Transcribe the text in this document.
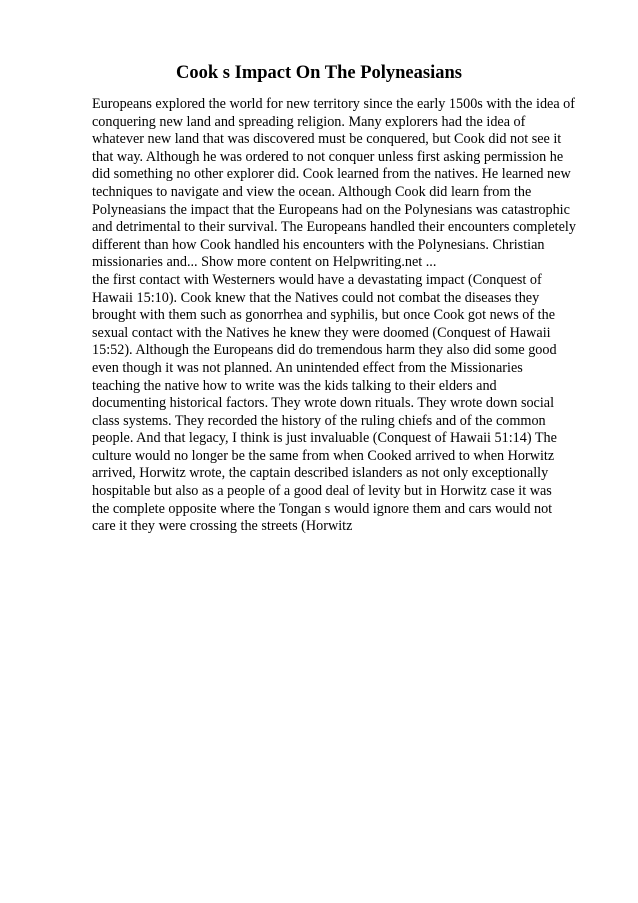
Cook s Impact On The Polyneasians
Europeans explored the world for new territory since the early 1500s with the idea of
conquering new land and spreading religion. Many explorers had the idea of
whatever new land that was discovered must be conquered, but Cook did not see it
that way. Although he was ordered to not conquer unless first asking permission he
did something no other explorer did. Cook learned from the natives. He learned new
techniques to navigate and view the ocean. Although Cook did learn from the
Polyneasians the impact that the Europeans had on the Polynesians was catastrophic
and detrimental to their survival. The Europeans handled their encounters completely
different than how Cook handled his encounters with the Polynesians. Christian
missionaries and... Show more content on Helpwriting.net ...
the first contact with Westerners would have a devastating impact (Conquest of
Hawaii 15:10). Cook knew that the Natives could not combat the diseases they
brought with them such as gonorrhea and syphilis, but once Cook got news of the
sexual contact with the Natives he knew they were doomed (Conquest of Hawaii
15:52). Although the Europeans did do tremendous harm they also did some good
even though it was not planned. An unintended effect from the Missionaries
teaching the native how to write was the kids talking to their elders and
documenting historical factors. They wrote down rituals. They wrote down social
class systems. They recorded the history of the ruling chiefs and of the common
people. And that legacy, I think is just invaluable (Conquest of Hawaii 51:14) The
culture would no longer be the same from when Cooked arrived to when Horwitz
arrived, Horwitz wrote, the captain described islanders as not only exceptionally
hospitable but also as a people of a good deal of levity but in Horwitz case it was
the complete opposite where the Tongan s would ignore them and cars would not
care it they were crossing the streets (Horwitz
